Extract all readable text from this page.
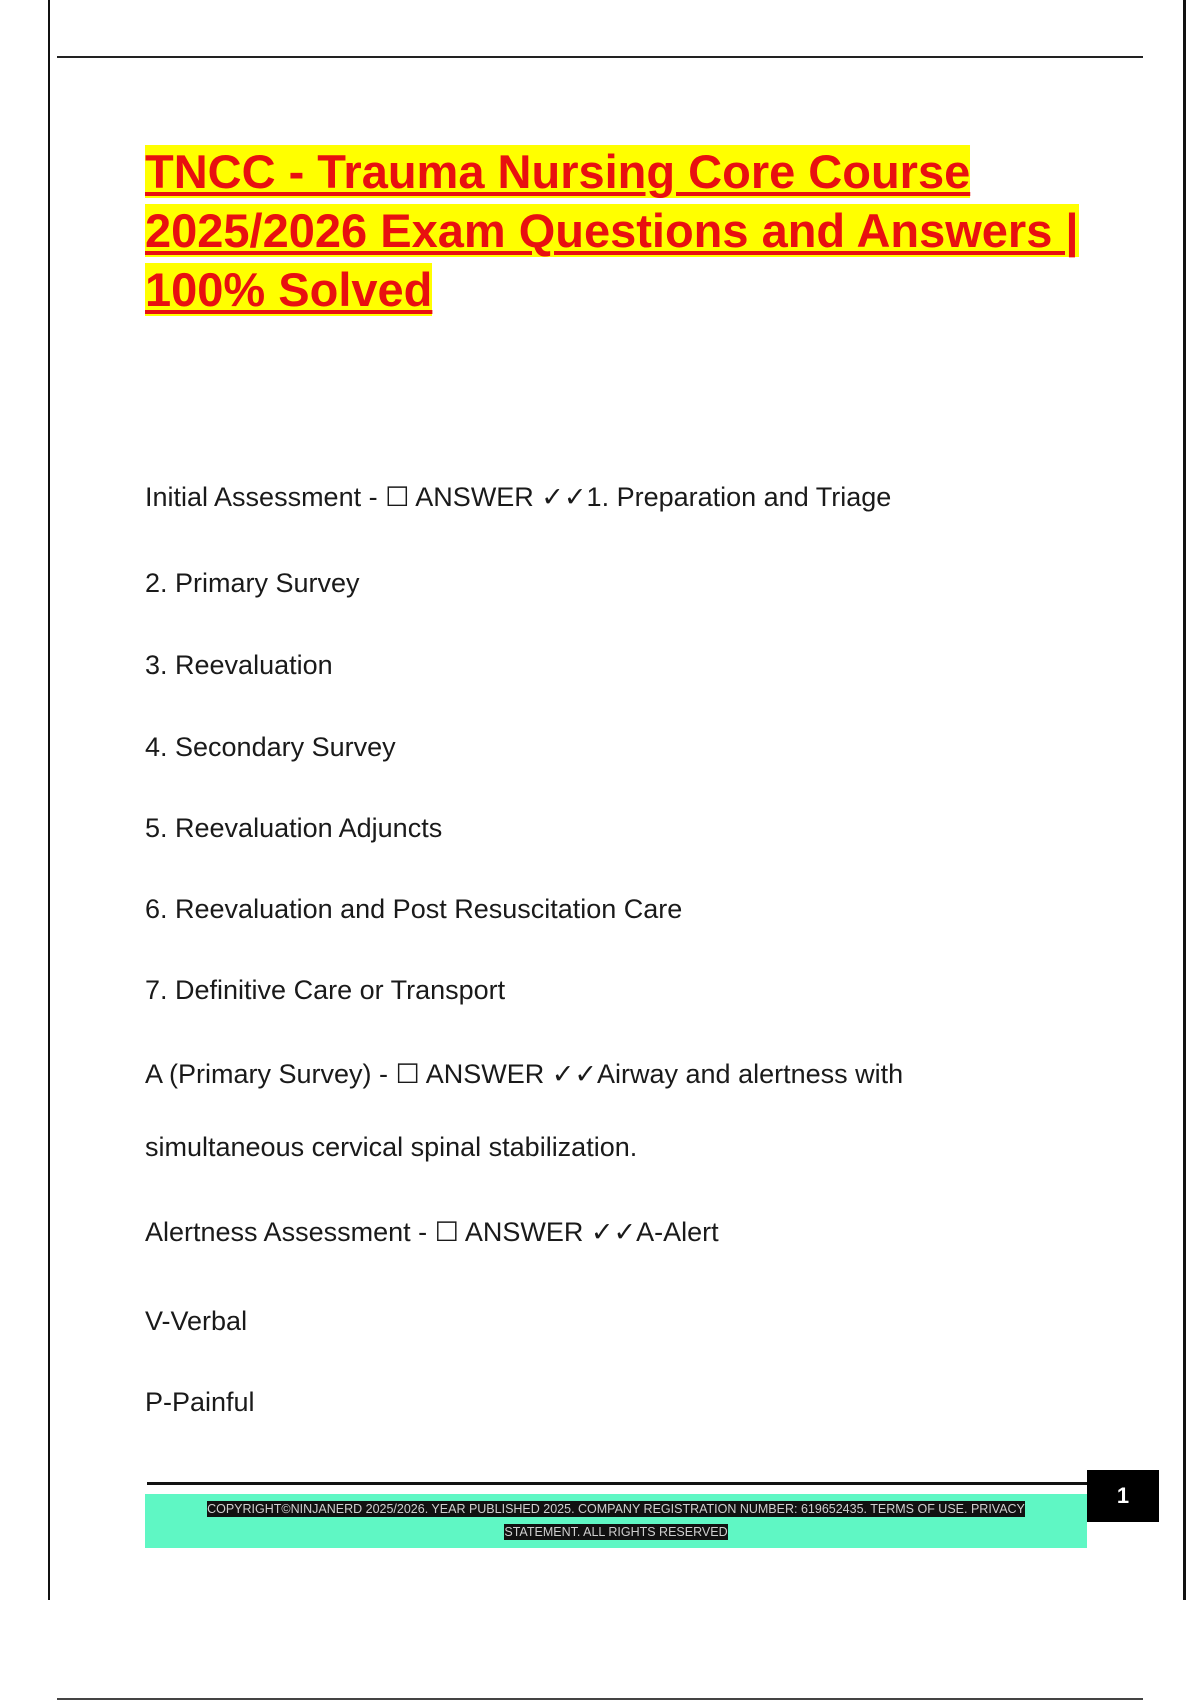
TNCC - Trauma Nursing Core Course 2025/2026 Exam Questions and Answers | 100% Solved

Initial Assessment - ☐ ANSWER ✓✓1. Preparation and Triage

2. Primary Survey

3. Reevaluation

4. Secondary Survey

5. Reevaluation Adjuncts

6. Reevaluation and Post Resuscitation Care

7. Definitive Care or Transport

A (Primary Survey) - ☐ ANSWER ✓✓Airway and alertness with

simultaneous cervical spinal stabilization.

Alertness Assessment - ☐ ANSWER ✓✓A-Alert

V-Verbal

P-Painful

1

COPYRIGHT©NINJANERD 2025/2026. YEAR PUBLISHED 2025. COMPANY REGISTRATION NUMBER: 619652435. TERMS OF USE. PRIVACY STATEMENT. ALL RIGHTS RESERVED
